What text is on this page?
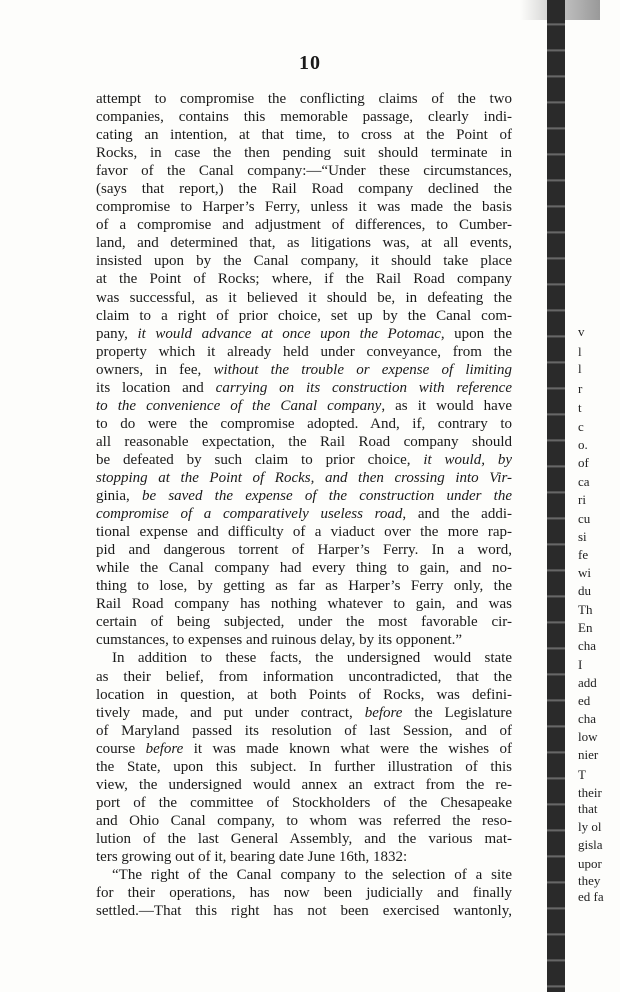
10
attempt to compromise the conflicting claims of the two
companies, contains this memorable passage, clearly indi-
cating an intention, at that time, to cross at the Point of
Rocks, in case the then pending suit should terminate in
favor of the Canal company:—“Under these circumstances,
(says that report,) the Rail Road company declined the
compromise to Harper’s Ferry, unless it was made the basis
of a compromise and adjustment of differences, to Cumber-
land, and determined that, as litigations was, at all events,
insisted upon by the Canal company, it should take place
at the Point of Rocks; where, if the Rail Road company
was successful, as it believed it should be, in defeating the
claim to a right of prior choice, set up by the Canal com-
pany, it would advance at once upon the Potomac, upon the
property which it already held under conveyance, from the
owners, in fee, without the trouble or expense of limiting
its location and carrying on its construction with reference
to the convenience of the Canal company, as it would have
to do were the compromise adopted. And, if, contrary to
all reasonable expectation, the Rail Road company should
be defeated by such claim to prior choice, it would, by
stopping at the Point of Rocks, and then crossing into Vir-
ginia, be saved the expense of the construction under the
compromise of a comparatively useless road, and the addi-
tional expense and difficulty of a viaduct over the more rap-
pid and dangerous torrent of Harper’s Ferry. In a word,
while the Canal company had every thing to gain, and no-
thing to lose, by getting as far as Harper’s Ferry only, the
Rail Road company has nothing whatever to gain, and was
certain of being subjected, under the most favorable cir-
cumstances, to expenses and ruinous delay, by its opponent.”
In addition to these facts, the undersigned would state
as their belief, from information uncontradicted, that the
location in question, at both Points of Rocks, was defini-
tively made, and put under contract, before the Legislature
of Maryland passed its resolution of last Session, and of
course before it was made known what were the wishes of
the State, upon this subject. In further illustration of this
view, the undersigned would annex an extract from the re-
port of the committee of Stockholders of the Chesapeake
and Ohio Canal company, to whom was referred the reso-
lution of the last General Assembly, and the various mat-
ters growing out of it, bearing date June 16th, 1832:
“The right of the Canal company to the selection of a site
for their operations, has now been judicially and finally
settled.—That this right has not been exercised wantonly,
v
l
l
r
t
c
o.
of
ca
ri
cu
si
fe
wi
du
Th
En
cha
I
add
ed
cha
low
nier
T
their
that
ly ol
gisla
upor
they
ed fa
